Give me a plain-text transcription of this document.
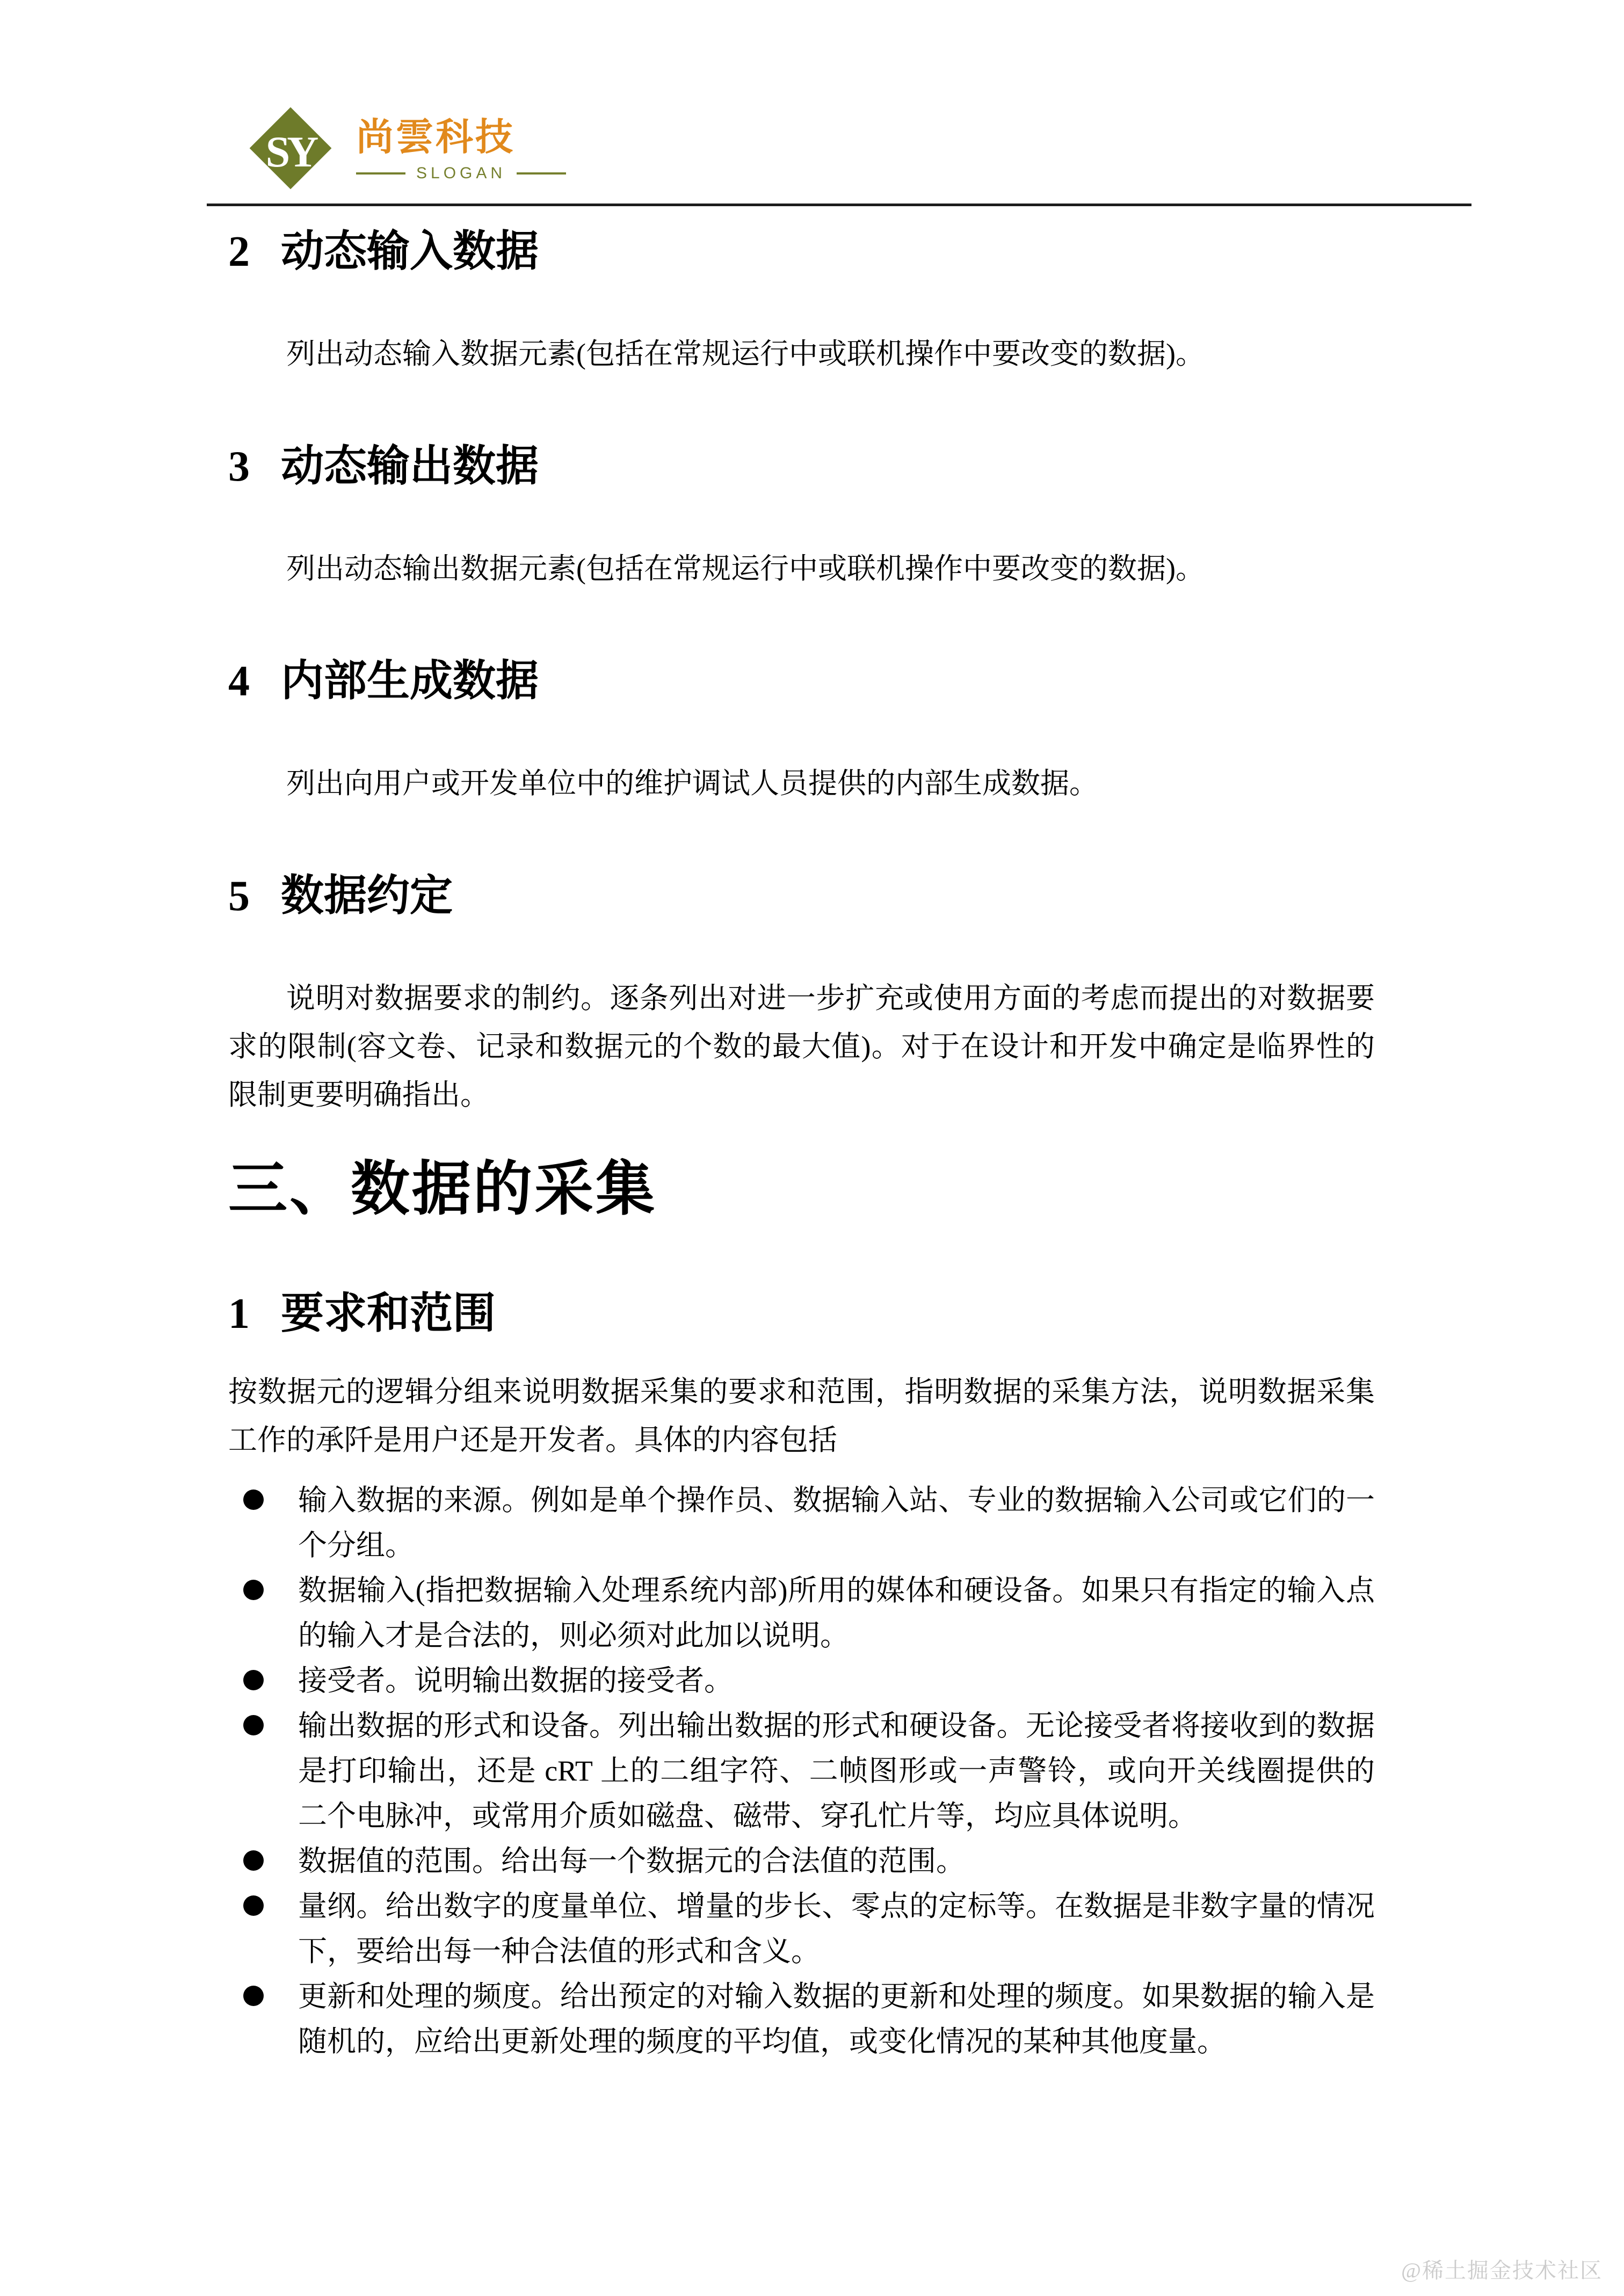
SY	尚雲科技
SLOGAN
2 动态输入数据

列出动态输入数据元素(包括在常规运行中或联机操作中要改变的数据)。

3 动态输出数据

列出动态输出数据元素(包括在常规运行中或联机操作中要改变的数据)。

4 内部生成数据

列出向用户或开发单位中的维护调试人员提供的内部生成数据。

5 数据约定

说明对数据要求的制约。逐条列出对进一步扩充或使用方面的考虑而提出的对数据要求的限制(容文卷、记录和数据元的个数的最大值)。对于在设计和开发中确定是临界性的限制更要明确指出。

三、数据的采集
1 要求和范围

按数据元的逻辑分组来说明数据采集的要求和范围，指明数据的采集方法，说明数据采集工作的承阡是用户还是开发者。具体的内容包括

输入数据的来源。例如是单个操作员、数据输入站、专业的数据输入公司或它们的一个分组。
数据输入(指把数据输入处理系统内部)所用的媒体和硬设备。如果只有指定的输入点的输入才是合法的，则必须对此加以说明。
接受者。说明输出数据的接受者。
输出数据的形式和设备。列出输出数据的形式和硬设备。无论接受者将接收到的数据是打印输出，还是 cRT 上的二组字符、二帧图形或一声警铃，或向开关线圈提供的二个电脉冲，或常用介质如磁盘、磁带、穿孔忙片等，均应具体说明。
数据值的范围。给出每一个数据元的合法值的范围。
量纲。给出数字的度量单位、增量的步长、零点的定标等。在数据是非数字量的情况下，要给出每一种合法值的形式和含义。
更新和处理的频度。给出预定的对输入数据的更新和处理的频度。如果数据的输入是随机的，应给出更新处理的频度的平均值，或变化情况的某种其他度量。
@稀土掘金技术社区
